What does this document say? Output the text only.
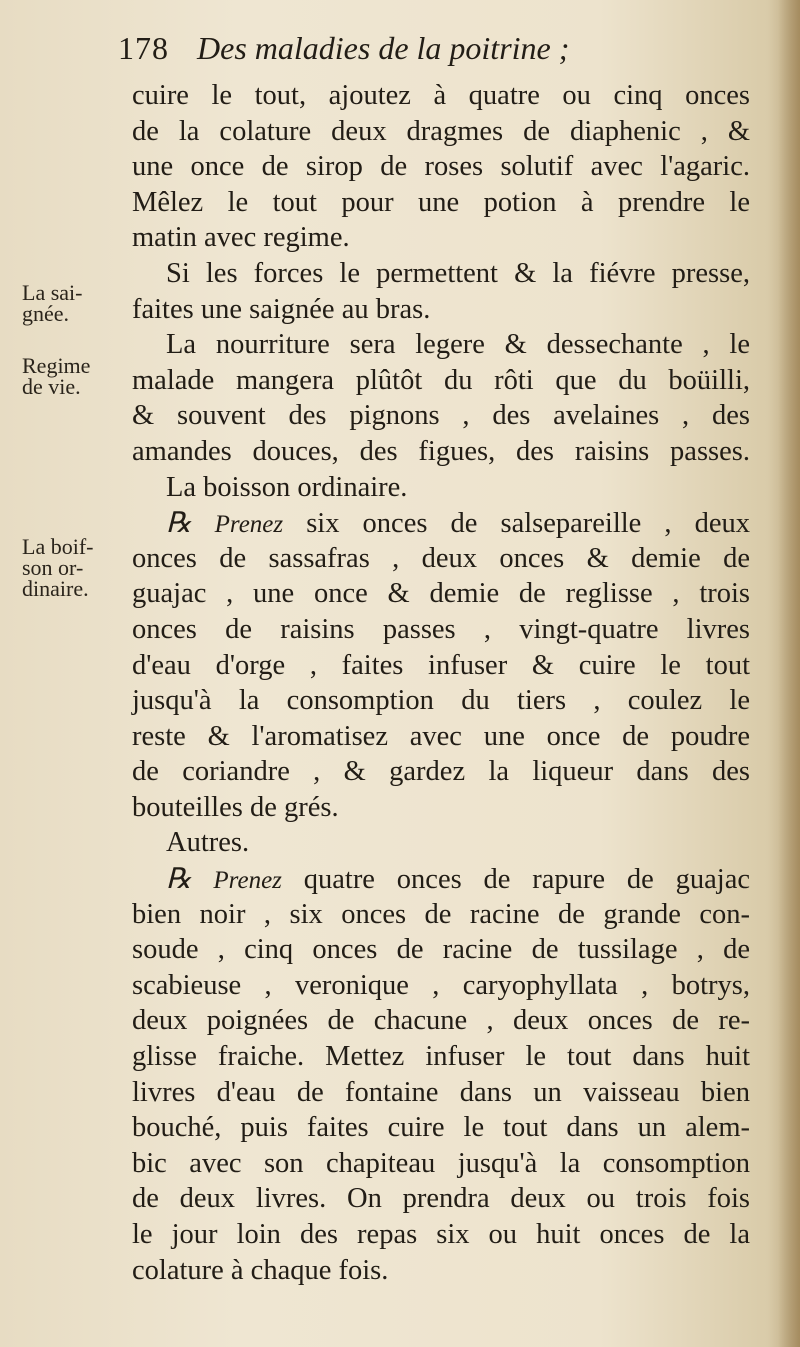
178 Des maladies de la poitrine ;
La sai-
gnée.
Regime
de vie.
La boif-
son or-
dinaire.
cuire le tout, ajoutez à quatre ou cinq onces
de la colature deux dragmes de diaphenic , &
une once de sirop de roses solutif avec l'agaric.
Mêlez le tout pour une potion à prendre le
matin avec regime.
Si les forces le permettent & la fiévre presse,
faites une saignée au bras.
La nourriture sera legere & dessechante , le
malade mangera plûtôt du rôti que du boüilli,
& souvent des pignons , des avelaines , des
amandes douces, des figues, des raisins passes.
La boisson ordinaire.
℞ Prenez six onces de salsepareille , deux
onces de sassafras , deux onces & demie de
guajac , une once & demie de reglisse , trois
onces de raisins passes , vingt-quatre livres
d'eau d'orge , faites infuser & cuire le tout
jusqu'à la consomption du tiers , coulez le
reste & l'aromatisez avec une once de poudre
de coriandre , & gardez la liqueur dans des
bouteilles de grés.
Autres.
℞ Prenez quatre onces de rapure de guajac
bien noir , six onces de racine de grande con-
soude , cinq onces de racine de tussilage , de
scabieuse , veronique , caryophyllata , botrys,
deux poignées de chacune , deux onces de re-
glisse fraiche. Mettez infuser le tout dans huit
livres d'eau de fontaine dans un vaisseau bien
bouché, puis faites cuire le tout dans un alem-
bic avec son chapiteau jusqu'à la consomption
de deux livres. On prendra deux ou trois fois
le jour loin des repas six ou huit onces de la
colature à chaque fois.
